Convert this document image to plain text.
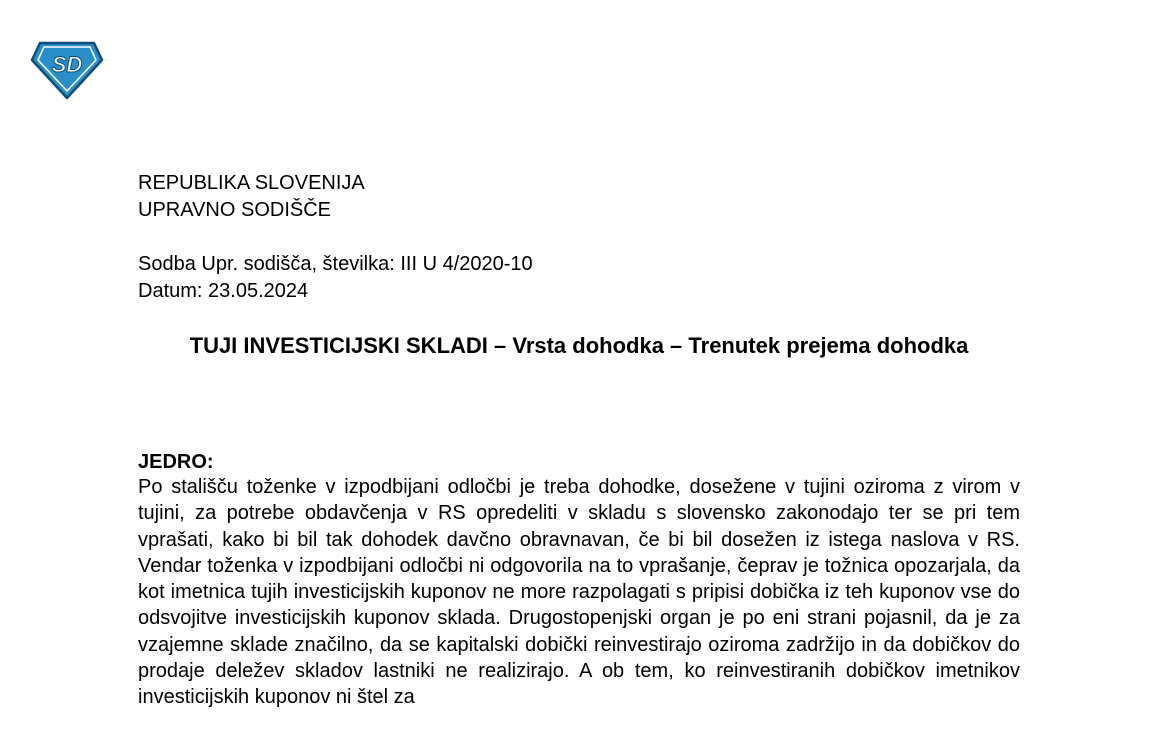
SD
REPUBLIKA SLOVENIJA
UPRAVNO SODIŠČE
Sodba Upr. sodišča, številka: III U 4/2020-10
Datum: 23.05.2024
TUJI INVESTICIJSKI SKLADI – Vrsta dohodka – Trenutek prejema dohodka
JEDRO:

Po stališču toženke v izpodbijani odločbi je treba dohodke, dosežene v tujini oziroma z virom v tujini, za potrebe obdavčenja v RS opredeliti v skladu s slovensko zakonodajo ter se pri tem vprašati, kako bi bil tak dohodek davčno obravnavan, če bi bil dosežen iz istega naslova v RS. Vendar toženka v izpodbijani odločbi ni odgovorila na to vprašanje, čeprav je tožnica opozarjala, da kot imetnica tujih investicijskih kuponov ne more razpolagati s pripisi dobička iz teh kuponov vse do odsvojitve investicijskih kuponov sklada. Drugostopenjski organ je po eni strani pojasnil, da je za vzajemne sklade značilno, da se kapitalski dobički reinvestirajo oziroma zadržijo in da dobičkov do prodaje deležev skladov lastniki ne realizirajo. A ob tem, ko reinvestiranih dobičkov imetnikov investicijskih kuponov ni štel za
